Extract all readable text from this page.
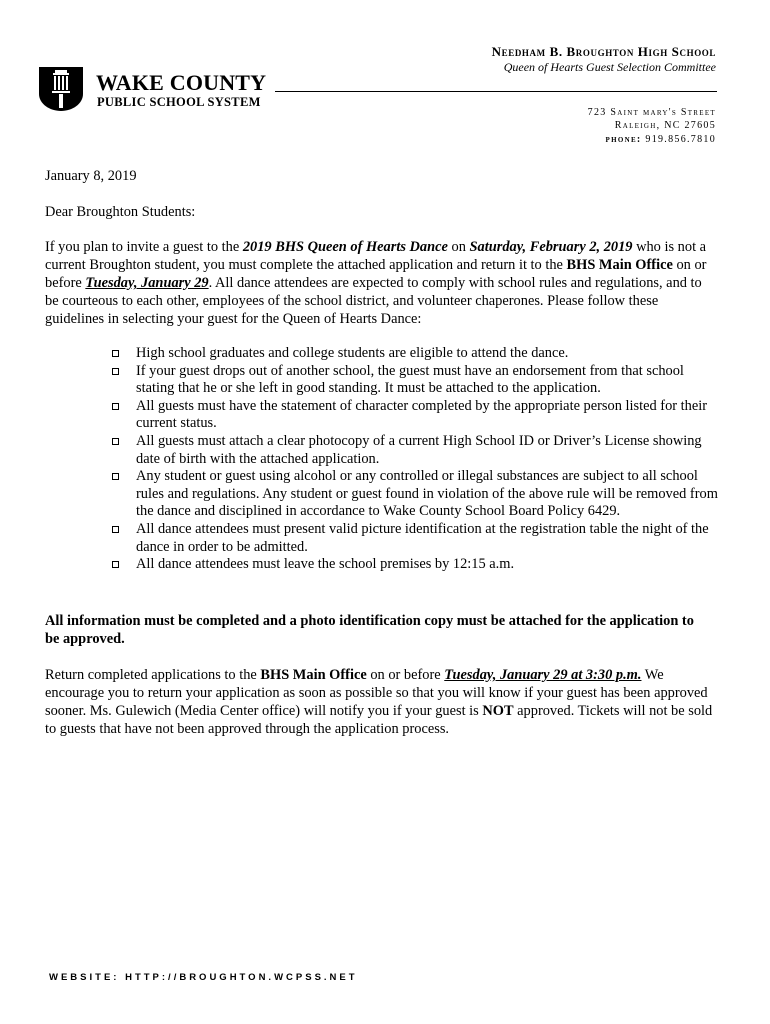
WAKE COUNTY
PUBLIC SCHOOL SYSTEM
Needham B. Broughton High School
Queen of Hearts Guest Selection Committee
723 Saint mary's Street
Raleigh, NC 27605
phone: 919.856.7810
January 8, 2019
Dear Broughton Students:
If you plan to invite a guest to the 2019 BHS Queen of Hearts Dance on Saturday, February 2, 2019 who is not a current Broughton student, you must complete the attached application and return it to the BHS Main Office on or before Tuesday, January 29. All dance attendees are expected to comply with school rules and regulations, and to be courteous to each other, employees of the school district, and volunteer chaperones. Please follow these guidelines in selecting your guest for the Queen of Hearts Dance:
High school graduates and college students are eligible to attend the dance.
If your guest drops out of another school, the guest must have an endorsement from that school stating that he or she left in good standing. It must be attached to the application.
All guests must have the statement of character completed by the appropriate person listed for their current status.
All guests must attach a clear photocopy of a current High School ID or Driver’s License showing date of birth with the attached application.
Any student or guest using alcohol or any controlled or illegal substances are subject to all school rules and regulations. Any student or guest found in violation of the above rule will be removed from the dance and disciplined in accordance to Wake County School Board Policy 6429.
All dance attendees must present valid picture identification at the registration table the night of the dance in order to be admitted.
All dance attendees must leave the school premises by 12:15 a.m.
All information must be completed and a photo identification copy must be attached for the application to be approved.
Return completed applications to the BHS Main Office on or before Tuesday, January 29 at 3:30 p.m. We encourage you to return your application as soon as possible so that you will know if your guest has been approved sooner. Ms. Gulewich (Media Center office) will notify you if your guest is NOT approved. Tickets will not be sold to guests that have not been approved through the application process.
WEBSITE: HTTP://BROUGHTON.WCPSS.NET
